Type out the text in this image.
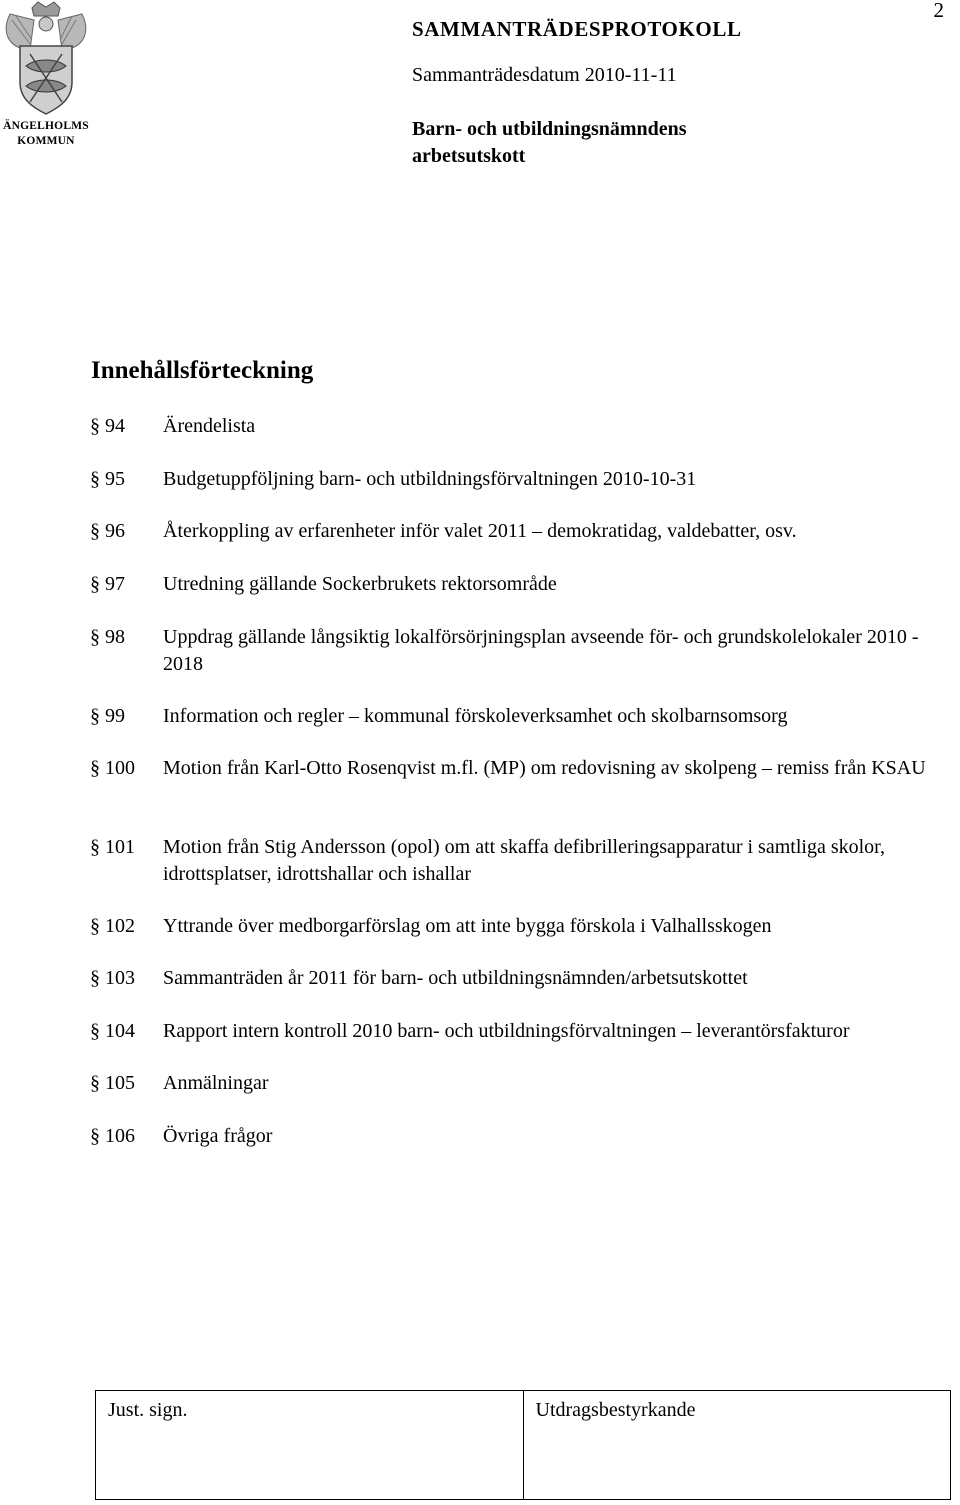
ÄNGELHOLMS
KOMMUN
2
SAMMANTRÄDESPROTOKOLL
Sammanträdesdatum 2010-11-11
Barn- och utbildningsnämndens
arbetsutskott
Innehållsförteckning
§ 94 Ärendelista
§ 95 Budgetuppföljning barn- och utbildningsförvaltningen 2010-10-31
§ 96 Återkoppling av erfarenheter inför valet 2011 – demokratidag, valdebatter, osv.
§ 97 Utredning gällande Sockerbrukets rektorsområde
§ 98 Uppdrag gällande långsiktig lokalförsörjningsplan avseende för- och grundskolelokaler 2010 - 2018
§ 99 Information och regler – kommunal förskoleverksamhet och skolbarnsomsorg
§ 100 Motion från Karl-Otto Rosenqvist m.fl. (MP) om redovisning av skolpeng – remiss från KSAU
§ 101 Motion från Stig Andersson (opol) om att skaffa defibrilleringsapparatur i samtliga skolor, idrottsplatser, idrottshallar och ishallar
§ 102 Yttrande över medborgarförslag om att inte bygga förskola i Valhallsskogen
§ 103 Sammanträden år 2011 för barn- och utbildningsnämnden/arbetsutskottet
§ 104 Rapport intern kontroll 2010 barn- och utbildningsförvaltningen – leverantörsfakturor
§ 105 Anmälningar
§ 106 Övriga frågor
Just. sign.	Utdragsbestyrkande
